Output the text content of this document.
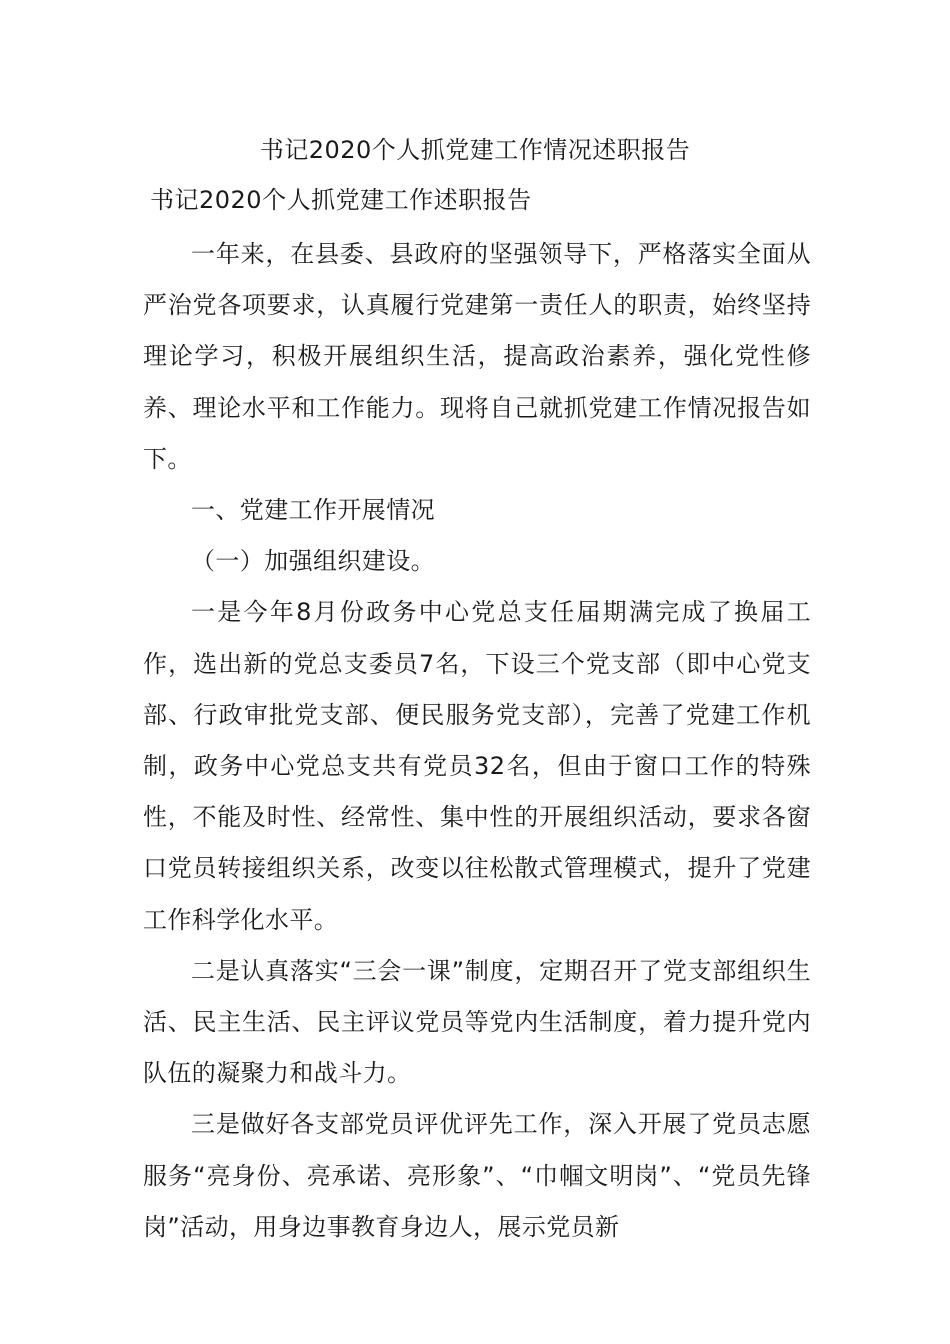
书记2020个人抓党建工作情况述职报告
书记2020个人抓党建工作述职报告

一年来，在县委、县政府的坚强领导下，严格落实全面从严治党各项要求，认真履行党建第一责任人的职责，始终坚持理论学习，积极开展组织生活，提高政治素养，强化党性修养、理论水平和工作能力。现将自己就抓党建工作情况报告如下。

一、党建工作开展情况

（一）加强组织建设。

一是今年8月份政务中心党总支任届期满完成了换届工作，选出新的党总支委员7名，下设三个党支部（即中心党支部、行政审批党支部、便民服务党支部），完善了党建工作机制，政务中心党总支共有党员32名，但由于窗口工作的特殊性，不能及时性、经常性、集中性的开展组织活动，要求各窗口党员转接组织关系，改变以往松散式管理模式，提升了党建工作科学化水平。

二是认真落实“三会一课”制度，定期召开了党支部组织生活、民主生活、民主评议党员等党内生活制度，着力提升党内队伍的凝聚力和战斗力。

三是做好各支部党员评优评先工作，深入开展了党员志愿服务“亮身份、亮承诺、亮形象”、“巾帼文明岗”、“党员先锋岗”活动，用身边事教育身边人，展示党员新
